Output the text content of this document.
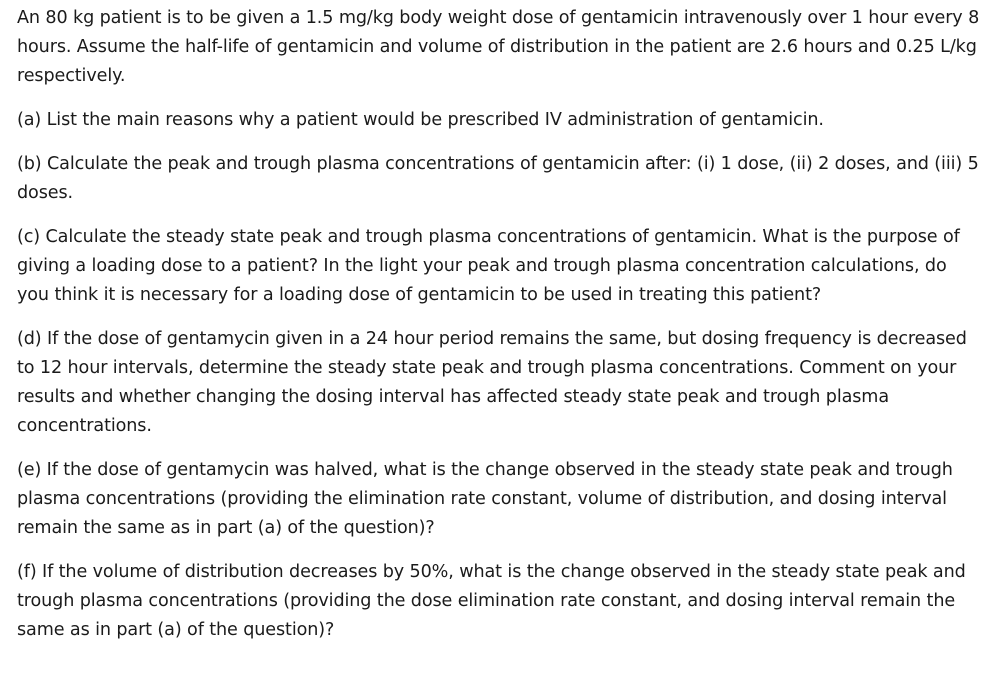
An 80 kg patient is to be given a 1.5 mg/kg body weight dose of gentamicin intravenously over 1 hour every 8 hours. Assume the half-life of gentamicin and volume of distribution in the patient are 2.6 hours and 0.25 L/kg respectively.

(a) List the main reasons why a patient would be prescribed IV administration of gentamicin.

(b) Calculate the peak and trough plasma concentrations of gentamicin after: (i) 1 dose, (ii) 2 doses, and (iii) 5 doses.

(c) Calculate the steady state peak and trough plasma concentrations of gentamicin. What is the purpose of giving a loading dose to a patient? In the light your peak and trough plasma concentration calculations, do you think it is necessary for a loading dose of gentamicin to be used in treating this patient?

(d) If the dose of gentamycin given in a 24 hour period remains the same, but dosing frequency is decreased to 12 hour intervals, determine the steady state peak and trough plasma concentrations. Comment on your results and whether changing the dosing interval has affected steady state peak and trough plasma concentrations.

(e) If the dose of gentamycin was halved, what is the change observed in the steady state peak and trough plasma concentrations (providing the elimination rate constant, volume of distribution, and dosing interval remain the same as in part (a) of the question)?

(f) If the volume of distribution decreases by 50%, what is the change observed in the steady state peak and trough plasma concentrations (providing the dose elimination rate constant, and dosing interval remain the same as in part (a) of the question)?
